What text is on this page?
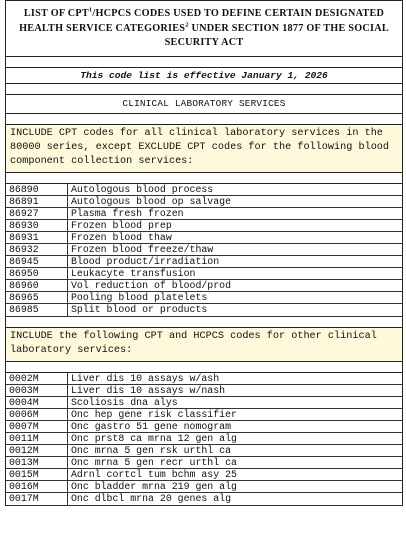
LIST OF CPT$^1$/HCPCS CODES USED TO DEFINE CERTAIN DESIGNATED HEALTH SERVICE CATEGORIES$^2$ UNDER SECTION 1877 OF THE SOCIAL SECURITY ACT
This code list is effective January 1, 2026
CLINICAL LABORATORY SERVICES
INCLUDE CPT codes for all clinical laboratory services in the 80000 series, except EXCLUDE CPT codes for the following blood component collection services:
86890	Autologous blood process
86891	Autologous blood op salvage
86927	Plasma fresh frozen
86930	Frozen blood prep
86931	Frozen blood thaw
86932	Frozen blood freeze/thaw
86945	Blood product/irradiation
86950	Leukacyte transfusion
86960	Vol reduction of blood/prod
86965	Pooling blood platelets
86985	Split blood or products
INCLUDE the following CPT and HCPCS codes for other clinical laboratory services:
0002M	Liver dis 10 assays w/ash
0003M	Liver dis 10 assays w/nash
0004M	Scoliosis dna alys
0006M	Onc hep gene risk classifier
0007M	Onc gastro 51 gene nomogram
0011M	Onc prst8 ca mrna 12 gen alg
0012M	Onc mrna 5 gen rsk urthl ca
0013M	Onc mrna 5 gen recr urthl ca
0015M	Adrnl cortcl tum bchm asy 25
0016M	Onc bladder mrna 219 gen alg
0017M	Onc dlbcl mrna 20 genes alg
